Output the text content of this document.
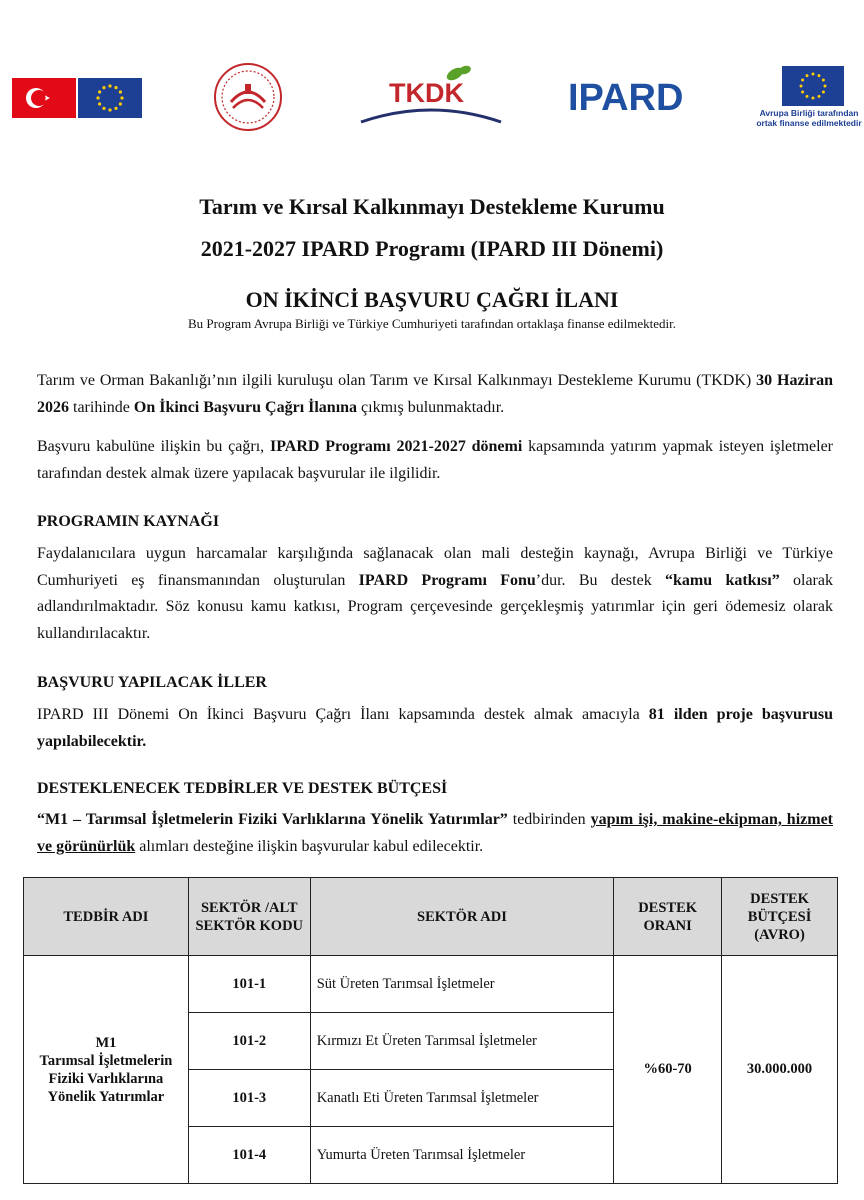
TKDK	IPARD	Avrupa Birliği tarafından
ortak finanse edilmektedir
Tarım ve Kırsal Kalkınmayı Destekleme Kurumu
2021-2027 IPARD Programı (IPARD III Dönemi)
ON İKİNCİ BAŞVURU ÇAĞRI İLANI
Bu Program Avrupa Birliği ve Türkiye Cumhuriyeti tarafından ortaklaşa finanse edilmektedir.
Tarım ve Orman Bakanlığı’nın ilgili kuruluşu olan Tarım ve Kırsal Kalkınmayı Destekleme Kurumu (TKDK) 30 Haziran 2026 tarihinde On İkinci Başvuru Çağrı İlanına çıkmış bulunmaktadır.
Başvuru kabulüne ilişkin bu çağrı, IPARD Programı 2021-2027 dönemi kapsamında yatırım yapmak isteyen işletmeler tarafından destek almak üzere yapılacak başvurular ile ilgilidir.
PROGRAMIN KAYNAĞI
Faydalanıcılara uygun harcamalar karşılığında sağlanacak olan mali desteğin kaynağı, Avrupa Birliği ve Türkiye Cumhuriyeti eş finansmanından oluşturulan IPARD Programı Fonu’dur. Bu destek “kamu katkısı” olarak adlandırılmaktadır. Söz konusu kamu katkısı, Program çerçevesinde gerçekleşmiş yatırımlar için geri ödemesiz olarak kullandırılacaktır.
BAŞVURU YAPILACAK İLLER
IPARD III Dönemi On İkinci Başvuru Çağrı İlanı kapsamında destek almak amacıyla 81 ilden proje başvurusu yapılabilecektir.
DESTEKLENECEK TEDBİRLER VE DESTEK BÜTÇESİ
“M1 – Tarımsal İşletmelerin Fiziki Varlıklarına Yönelik Yatırımlar” tedbirinden yapım işi, makine-ekipman, hizmet ve görünürlük alımları desteğine ilişkin başvurular kabul edilecektir.
TEDBİR ADI	SEKTÖR /ALT SEKTÖR KODU	SEKTÖR ADI	DESTEK ORANI	DESTEK BÜTÇESİ (AVRO)

M1
Tarımsal İşletmelerin Fiziki Varlıklarına Yönelik Yatırımlar	101-1	Süt Üreten Tarımsal İşletmeler	%60-70	30.000.000
	101-2	Kırmızı Et Üreten Tarımsal İşletmeler		
	101-3	Kanatlı Eti Üreten Tarımsal İşletmeler		
	101-4	Yumurta Üreten Tarımsal İşletmeler		
